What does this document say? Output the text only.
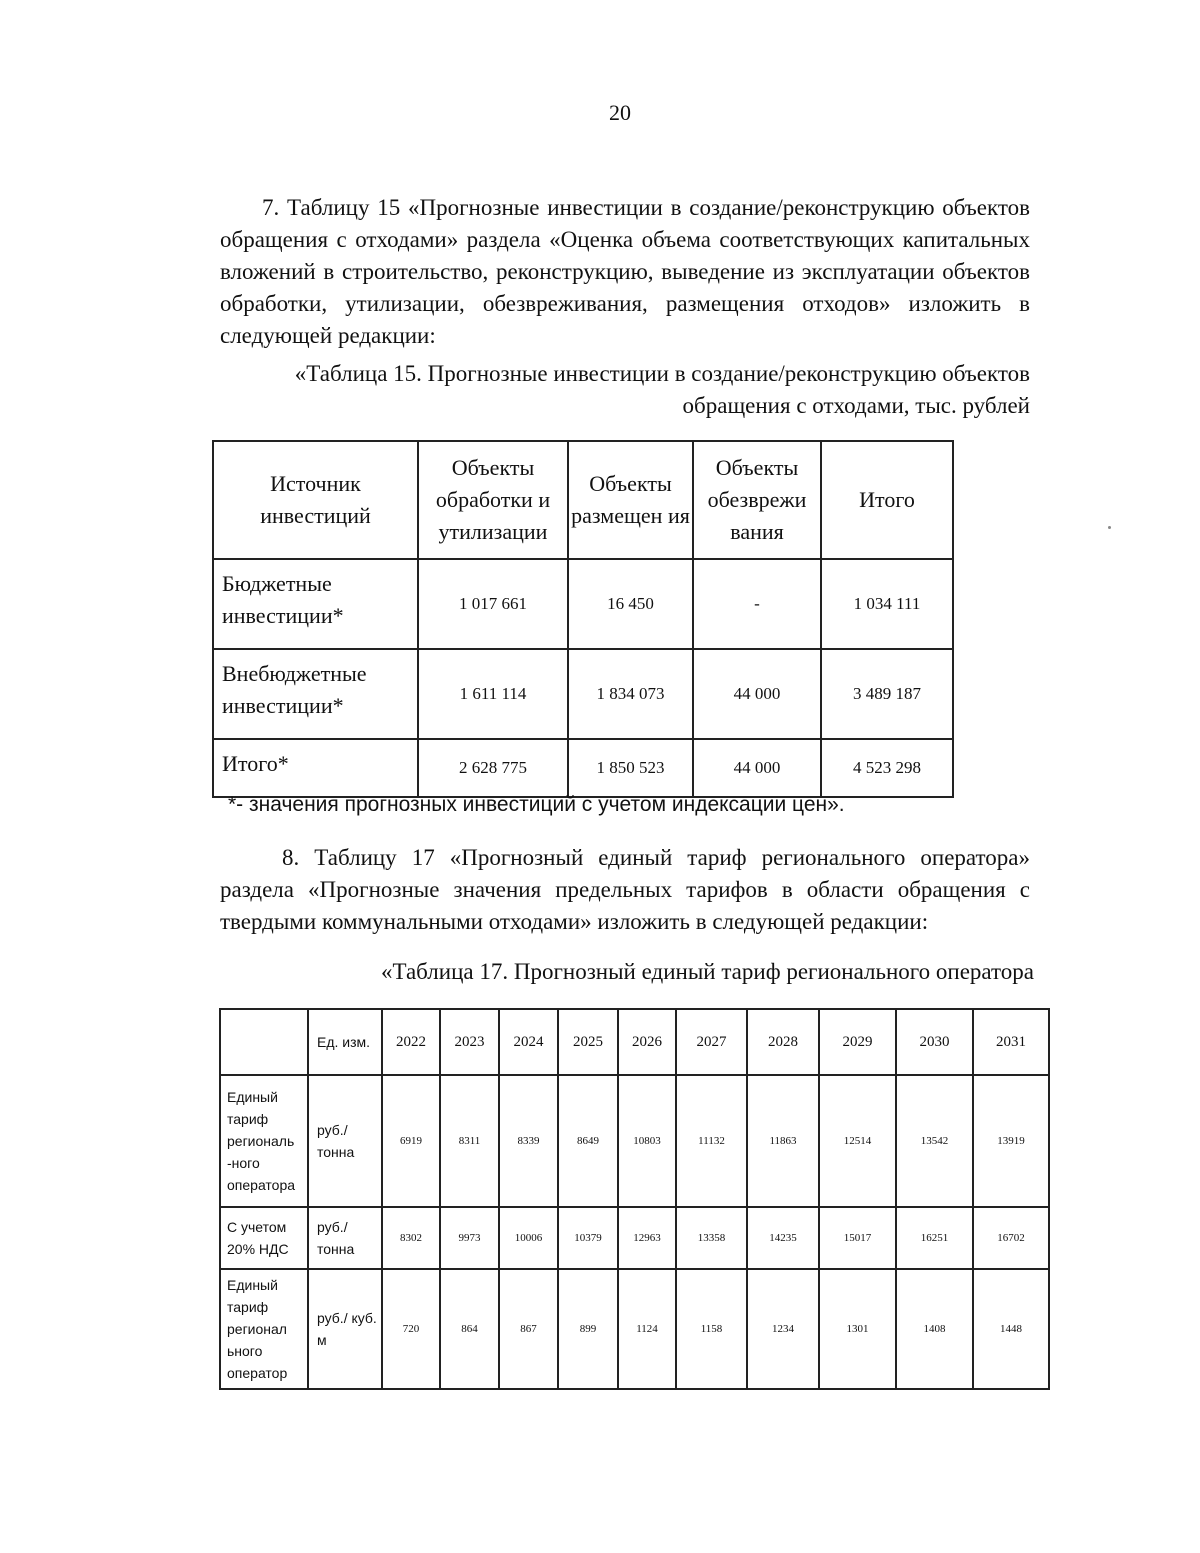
20
7. Таблицу 15 «Прогнозные инвестиции в создание/реконструкцию объектов обращения с отходами» раздела «Оценка объема соответствующих капитальных вложений в строительство, реконструкцию, выведение из эксплуатации объектов обработки, утилизации, обезвреживания, размещения отходов» изложить в следующей редакции:
«Таблица 15. Прогнозные инвестиции в создание/реконструкцию объектов
обращения с отходами, тыс. рублей
Источник инвестиций	Объекты обработки и утилизации	Объекты размещен ия	Объекты обезврежи вания	Итого
Бюджетные инвестиции*	1 017 661	16 450	-	1 034 111
Внебюджетные инвестиции*	1 611 114	1 834 073	44 000	3 489 187
Итого*	2 628 775	1 850 523	44 000	4 523 298
*- значения прогнозных инвестиций с учетом индексации цен».
8. Таблицу 17 «Прогнозный единый тариф регионального оператора» раздела «Прогнозные значения предельных тарифов в области обращения с твердыми коммунальными отходами» изложить в следующей редакции:
«Таблица 17. Прогнозный единый тариф регионального оператора
	Ед. изм.	2022	2023	2024	2025	2026	2027	2028	2029	2030	2031
Единый тариф региональ -ного оператора	руб./ тонна	6919	8311	8339	8649	10803	11132	11863	12514	13542	13919
С учетом 20% НДС	руб./ тонна	8302	9973	10006	10379	12963	13358	14235	15017	16251	16702
Единый тариф регионал ьного оператор	руб./ куб. м	720	864	867	899	1124	1158	1234	1301	1408	1448
